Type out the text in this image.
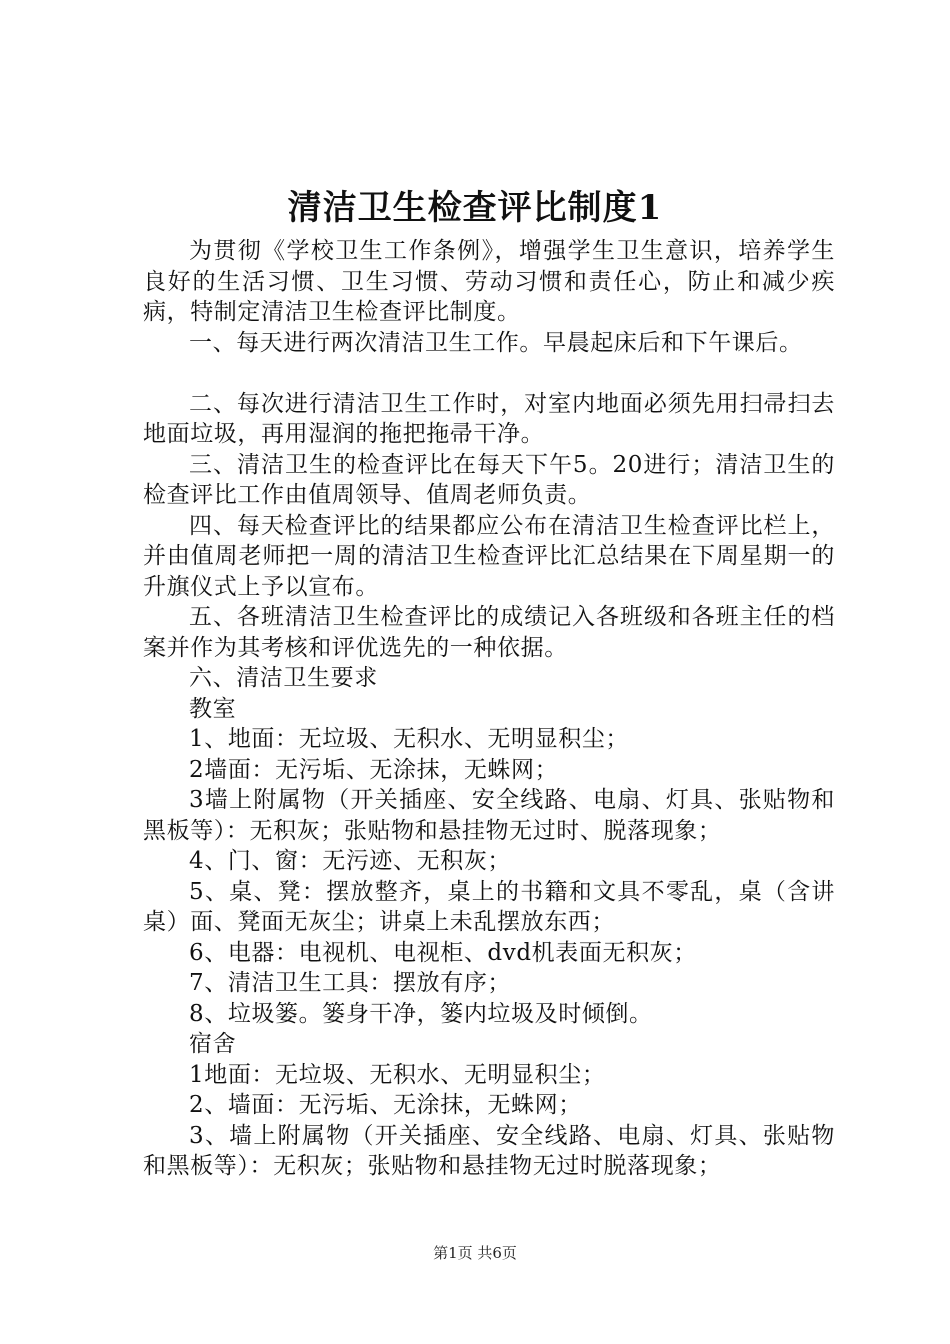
清洁卫生检查评比制度1

为贯彻《学校卫生工作条例》，增强学生卫生意识，培养学生良好的生活习惯、卫生习惯、劳动习惯和责任心，防止和减少疾病，特制定清洁卫生检查评比制度。

一、每天进行两次清洁卫生工作。早晨起床后和下午课后。

二、每次进行清洁卫生工作时，对室内地面必须先用扫帚扫去地面垃圾，再用湿润的拖把拖帚干净。

三、清洁卫生的检查评比在每天下午5。20进行；清洁卫生的检查评比工作由值周领导、值周老师负责。

四、每天检查评比的结果都应公布在清洁卫生检查评比栏上，并由值周老师把一周的清洁卫生检查评比汇总结果在下周星期一的升旗仪式上予以宣布。

五、各班清洁卫生检查评比的成绩记入各班级和各班主任的档案并作为其考核和评优选先的一种依据。

六、清洁卫生要求

教室

1、地面：无垃圾、无积水、无明显积尘；

2墙面：无污垢、无涂抹，无蛛网；

3墙上附属物（开关插座、安全线路、电扇、灯具、张贴物和黑板等）：无积灰；张贴物和悬挂物无过时、脱落现象；

4、门、窗：无污迹、无积灰；

5、桌、凳：摆放整齐，桌上的书籍和文具不零乱，桌（含讲桌）面、凳面无灰尘；讲桌上未乱摆放东西；

6、电器：电视机、电视柜、dvd机表面无积灰；

7、清洁卫生工具：摆放有序；

8、垃圾篓。篓身干净，篓内垃圾及时倾倒。

宿舍

1地面：无垃圾、无积水、无明显积尘；

2、墙面：无污垢、无涂抹，无蛛网；

3、墙上附属物（开关插座、安全线路、电扇、灯具、张贴物和黑板等）：无积灰；张贴物和悬挂物无过时脱落现象；

第1页 共6页
